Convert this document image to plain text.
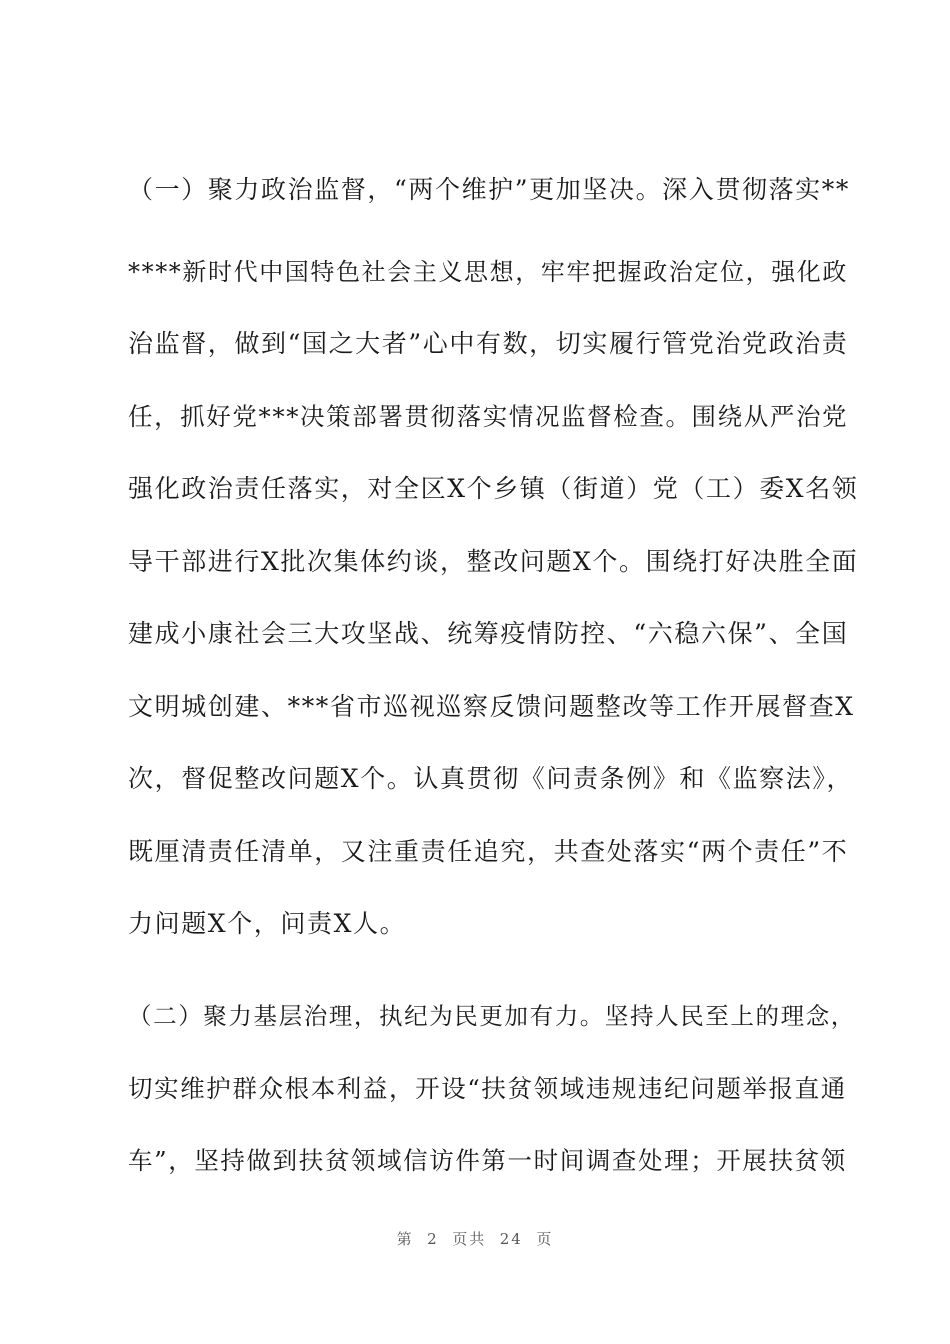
（一）聚力政治监督，“两个维护”更加坚决。深入贯彻落实**
****新时代中国特色社会主义思想，牢牢把握政治定位，强化政
治监督，做到“国之大者”心中有数，切实履行管党治党政治责
任，抓好党***决策部署贯彻落实情况监督检查。围绕从严治党
强化政治责任落实，对全区X个乡镇（街道）党（工）委X名领
导干部进行X批次集体约谈，整改问题X个。围绕打好决胜全面
建成小康社会三大攻坚战、统筹疫情防控、“六稳六保”、全国
文明城创建、***省市巡视巡察反馈问题整改等工作开展督查X
次，督促整改问题X个。认真贯彻《问责条例》和《监察法》，
既厘清责任清单，又注重责任追究，共查处落实“两个责任”不
力问题X个，问责X人。
（二）聚力基层治理，执纪为民更加有力。坚持人民至上的理念，
切实维护群众根本利益，开设“扶贫领域违规违纪问题举报直通
车”，坚持做到扶贫领域信访件第一时间调查处理；开展扶贫领
第  2  页共  24  页
